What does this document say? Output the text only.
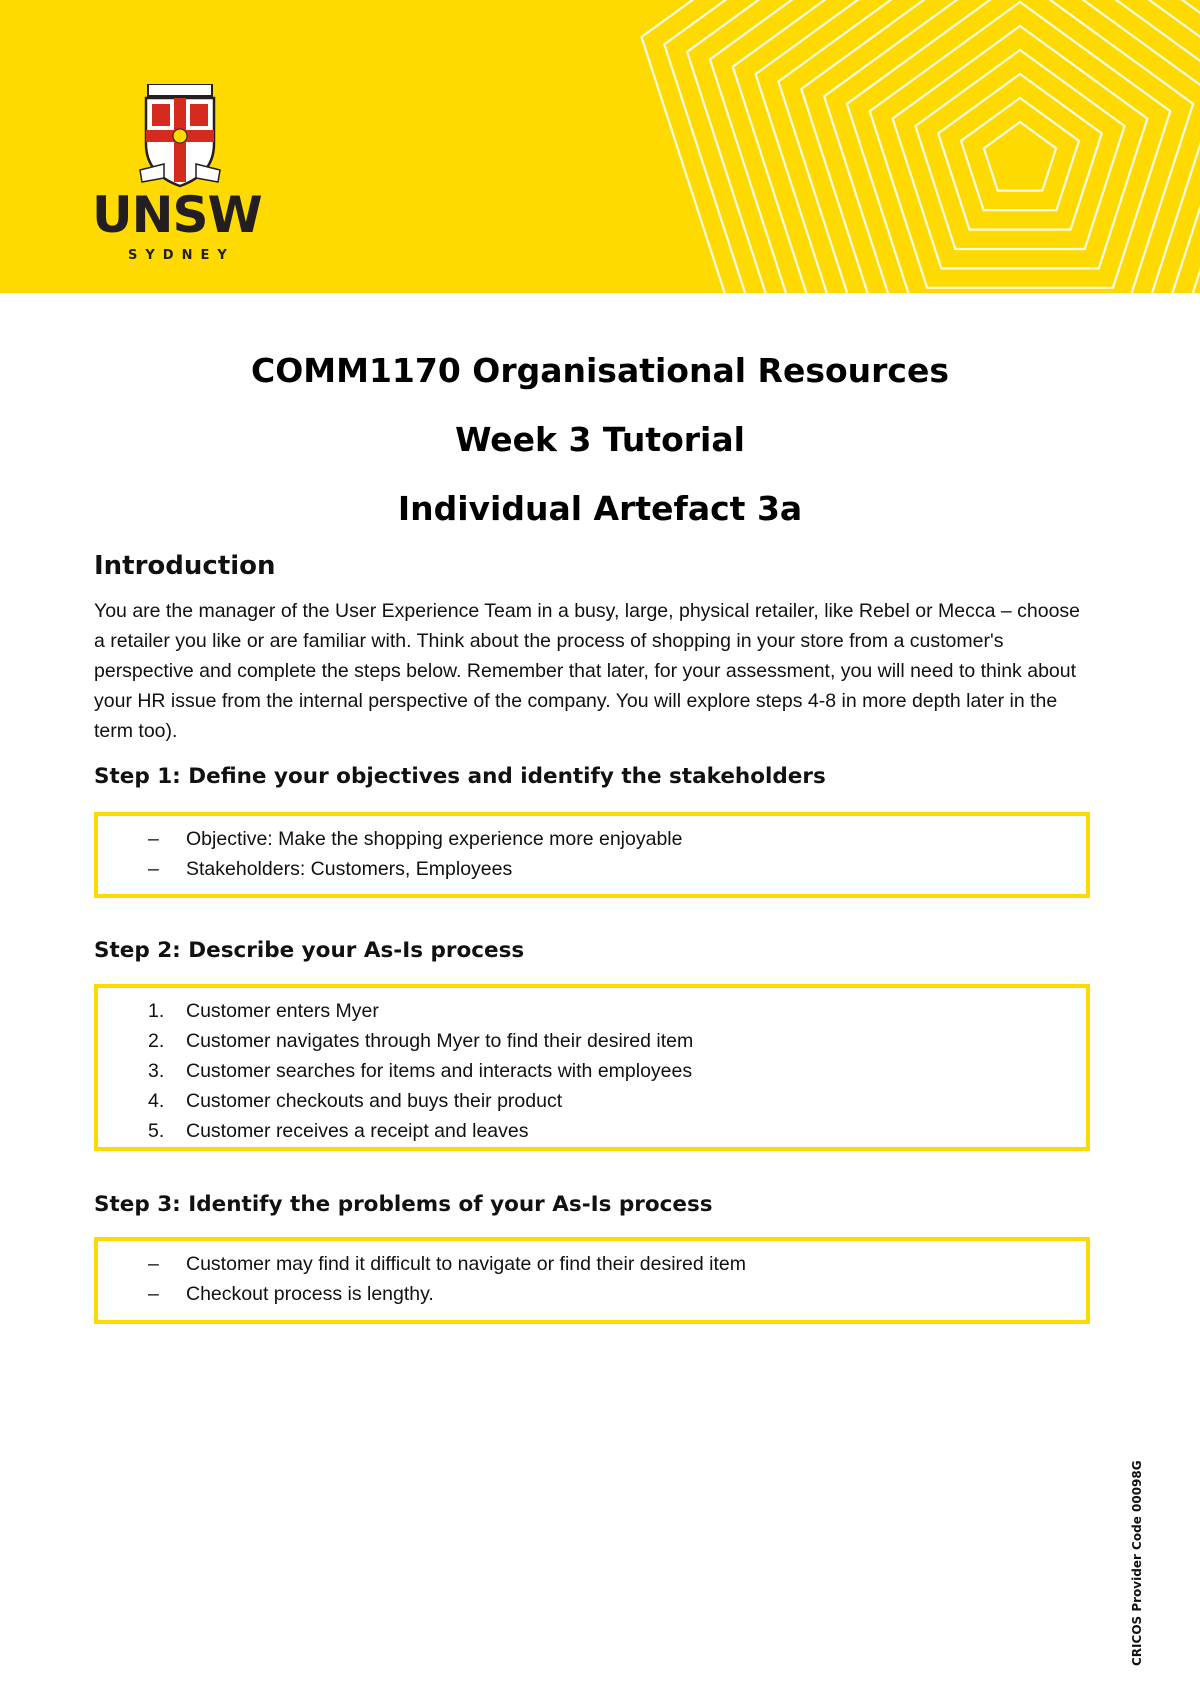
UNSW
SYDNEY
COMM1170 Organisational Resources
Week 3 Tutorial
Individual Artefact 3a
Introduction

You are the manager of the User Experience Team in a busy, large, physical retailer, like Rebel or Mecca – choose a retailer you like or are familiar with. Think about the process of shopping in your store from a customer's perspective and complete the steps below. Remember that later, for your assessment, you will need to think about your HR issue from the internal perspective of the company. You will explore steps 4-8 in more depth later in the term too).

Step 1: Define your objectives and identify the stakeholders
–	Objective: Make the shopping experience more enjoyable
–	Stakeholders: Customers, Employees
Step 2: Describe your As-Is process
1.	Customer enters Myer
2.	Customer navigates through Myer to find their desired item
3.	Customer searches for items and interacts with employees
4.	Customer checkouts and buys their product
5.	Customer receives a receipt and leaves
Step 3: Identify the problems of your As-Is process
–	Customer may find it difficult to navigate or find their desired item
–	Checkout process is lengthy.
CRICOS Provider Code 00098G
